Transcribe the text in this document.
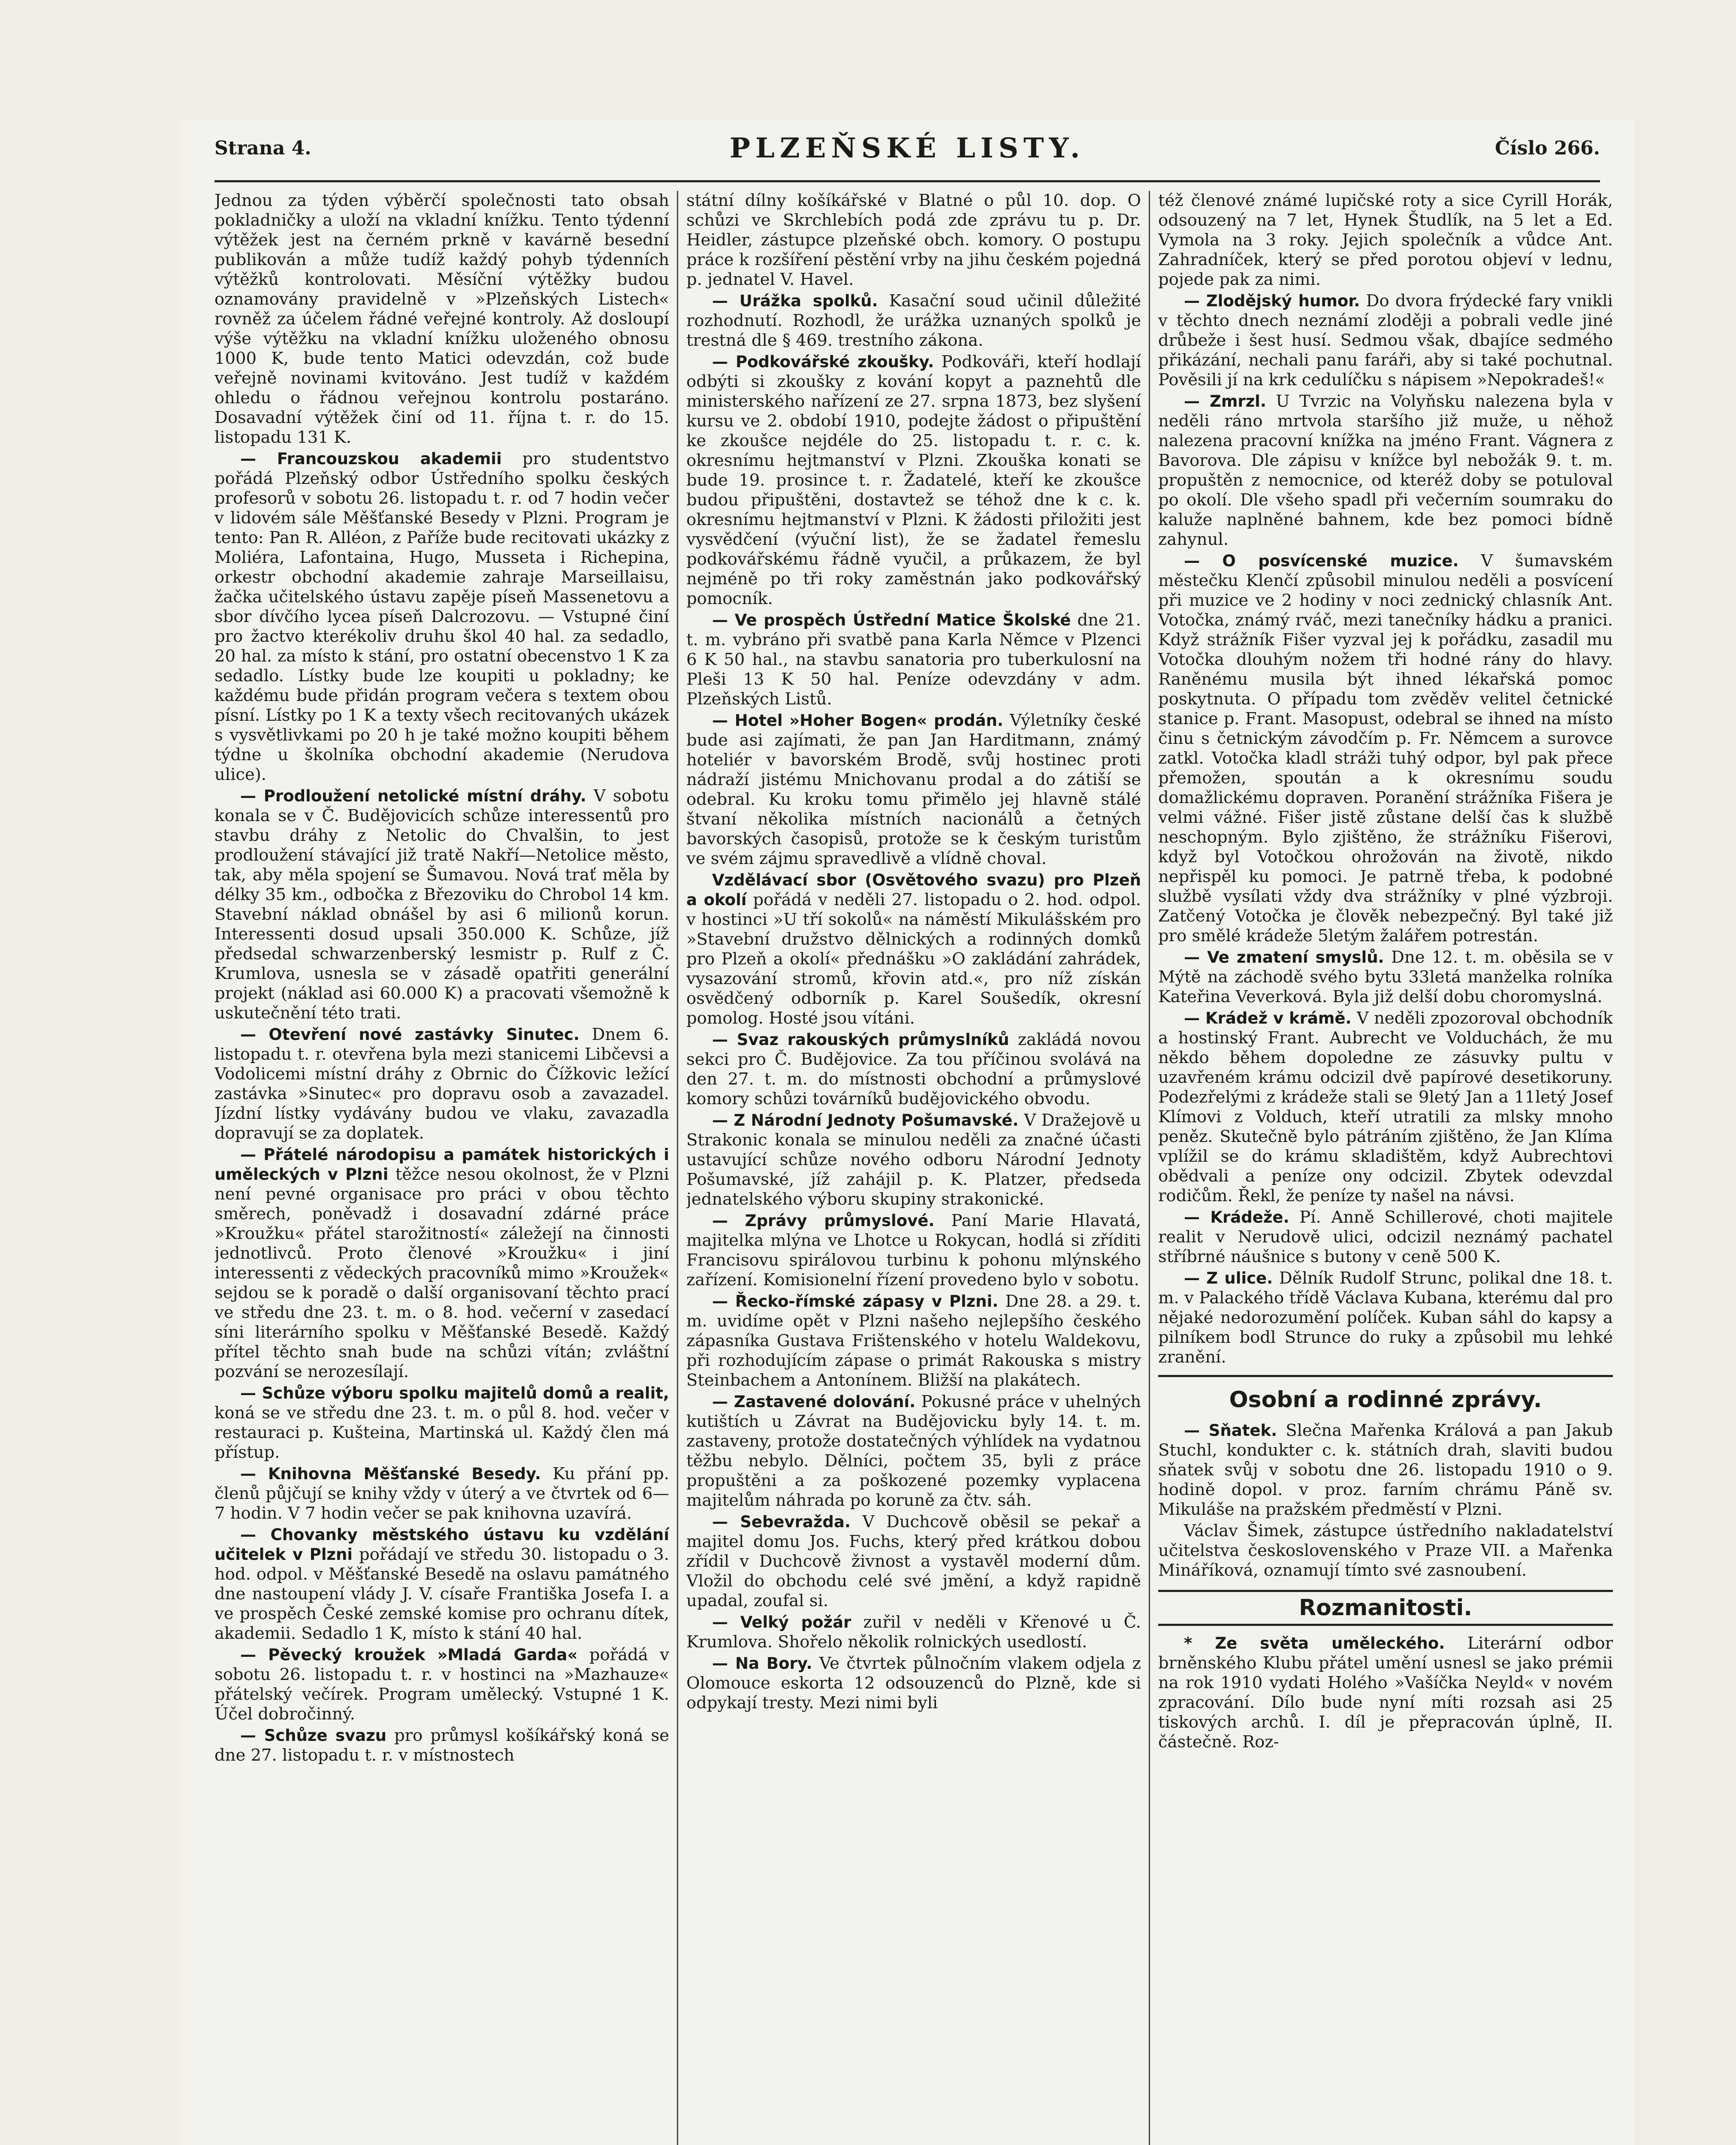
Strana 4.	PLZEŇSKÉ LISTY.	Číslo 266.

Jednou za týden výběrčí společnosti tato obsah pokladničky a uloží na vkladní knížku. Tento týdenní výtěžek jest na černém prkně v kavárně besední publikován a může tudíž každý pohyb týdenních výtěžků kontrolovati. Měsíční výtěžky budou oznamovány pravidelně v »Plzeňských Listech« rovněž za účelem řádné veřejné kontroly. Až dosloupí výše výtěžku na vkladní knížku uloženého obnosu 1000 K, bude tento Matici odevzdán, což bude veřejně novinami kvitováno. Jest tudíž v každém ohledu o řádnou veřejnou kontrolu postaráno. Dosavadní výtěžek činí od 11. října t. r. do 15. listopadu 131 K.

— Francouzskou akademii pro studentstvo pořádá Plzeňský odbor Ústředního spolku českých profesorů v sobotu 26. listopadu t. r. od 7 hodin večer v lidovém sále Měšťanské Besedy v Plzni. Program je tento: Pan R. Alléon, z Paříže bude recitovati ukázky z Moliéra, Lafontaina, Hugo, Musseta i Richepina, orkestr obchodní akademie zahraje Marseillaisu, žačka učitelského ústavu zapěje píseň Massenetovu a sbor dívčího lycea píseň Dalcrozovu. — Vstupné činí pro žactvo kterékoliv druhu škol 40 hal. za sedadlo, 20 hal. za místo k stání, pro ostatní obecenstvo 1 K za sedadlo. Lístky bude lze koupiti u pokladny; ke každému bude přidán program večera s textem obou písní. Lístky po 1 K a texty všech recitovaných ukázek s vysvětlivkami po 20 h je také možno koupiti během týdne u školníka obchodní akademie (Nerudova ulice).

— Prodloužení netolické místní dráhy. V sobotu konala se v Č. Budějovicích schůze interessentů pro stavbu dráhy z Netolic do Chvalšin, to jest prodloužení stávající již tratě Nakří—Netolice město, tak, aby měla spojení se Šumavou. Nová trať měla by délky 35 km., odbočka z Březoviku do Chrobol 14 km. Stavební náklad obnášel by asi 6 milionů korun. Interessenti dosud upsali 350.000 K. Schůze, jíž předsedal schwarzenberský lesmistr p. Rulf z Č. Krumlova, usnesla se v zásadě opatřiti generální projekt (náklad asi 60.000 K) a pracovati všemožně k uskutečnění této trati.

— Otevření nové zastávky Sinutec. Dnem 6. listopadu t. r. otevřena byla mezi stanicemi Libčevsi a Vodolicemi místní dráhy z Obrnic do Čížkovic ležící zastávka »Sinutec« pro dopravu osob a zavazadel. Jízdní lístky vydávány budou ve vlaku, zavazadla dopravují se za doplatek.

— Přátelé národopisu a památek historických i uměleckých v Plzni těžce nesou okolnost, že v Plzni není pevné organisace pro práci v obou těchto směrech, poněvadž i dosavadní zdárné práce »Kroužku« přátel starožitností« záležejí na činnosti jednotlivců. Proto členové »Kroužku« i jiní interessenti z vědeckých pracovníků mimo »Kroužek« sejdou se k poradě o další organisovaní těchto prací ve středu dne 23. t. m. o 8. hod. večerní v zasedací síni literárního spolku v Měšťanské Besedě. Každý přítel těchto snah bude na schůzi vítán; zvláštní pozvání se nerozesílají.

— Schůze výboru spolku majitelů domů a realit, koná se ve středu dne 23. t. m. o půl 8. hod. večer v restauraci p. Kušteina, Martinská ul. Každý člen má přístup.

— Knihovna Měšťanské Besedy. Ku přání pp. členů půjčují se knihy vždy v úterý a ve čtvrtek od 6—7 hodin. V 7 hodin večer se pak knihovna uzavírá.

— Chovanky městského ústavu ku vzdělání učitelek v Plzni pořádají ve středu 30. listopadu o 3. hod. odpol. v Měšťanské Besedě na oslavu památného dne nastoupení vlády J. V. císaře Františka Josefa I. a ve prospěch České zemské komise pro ochranu dítek, akademii. Sedadlo 1 K, místo k stání 40 hal.

— Pěvecký kroužek »Mladá Garda« pořádá v sobotu 26. listopadu t. r. v hostinci na »Mazhauze« přátelský večírek. Program umělecký. Vstupné 1 K. Účel dobročinný.

— Schůze svazu pro průmysl košíkářský koná se dne 27. listopadu t. r. v místnostech

státní dílny košíkářské v Blatné o půl 10. dop. O schůzi ve Skrchlebích podá zde zprávu tu p. Dr. Heidler, zástupce plzeňské obch. komory. O postupu práce k rozšíření pěstění vrby na jihu českém pojedná p. jednatel V. Havel.

— Urážka spolků. Kasační soud učinil důležité rozhodnutí. Rozhodl, že urážka uznaných spolků je trestná dle § 469. trestního zákona.

— Podkovářské zkoušky. Podkováři, kteří hodlají odbýti si zkoušky z kování kopyt a paznehtů dle ministerského nařízení ze 27. srpna 1873, bez slyšení kursu ve 2. období 1910, podejte žádost o připuštění ke zkoušce nejdéle do 25. listopadu t. r. c. k. okresnímu hejtmanství v Plzni. Zkouška konati se bude 19. prosince t. r. Žadatelé, kteří ke zkoušce budou připuštěni, dostavtež se téhož dne k c. k. okresnímu hejtmanství v Plzni. K žádosti přiložiti jest vysvědčení (výuční list), že se žadatel řemeslu podkovářskému řádně vyučil, a průkazem, že byl nejméně po tři roky zaměstnán jako podkovářský pomocník.

— Ve prospěch Ústřední Matice Školské dne 21. t. m. vybráno při svatbě pana Karla Němce v Plzenci 6 K 50 hal., na stavbu sanatoria pro tuberkulosní na Pleši 13 K 50 hal. Peníze odevzdány v adm. Plzeňských Listů.

— Hotel »Hoher Bogen« prodán. Výletníky české bude asi zajímati, že pan Jan Harditmann, známý hoteliér v bavorském Brodě, svůj hostinec proti nádraží jistému Mnichovanu prodal a do zátiší se odebral. Ku kroku tomu přimělo jej hlavně stálé štvaní několika místních nacionálů a četných bavorských časopisů, protože se k českým turistům ve svém zájmu spravedlivě a vlídně choval.

Vzdělávací sbor (Osvětového svazu) pro Plzeň a okolí pořádá v neděli 27. listopadu o 2. hod. odpol. v hostinci »U tří sokolů« na náměstí Mikulášském pro »Stavební družstvo dělnických a rodinných domků pro Plzeň a okolí« přednášku »O zakládání zahrádek, vysazování stromů, křovin atd.«, pro níž získán osvědčený odborník p. Karel Soušedík, okresní pomolog. Hosté jsou vítáni.

— Svaz rakouských průmyslníků zakládá novou sekci pro Č. Budějovice. Za tou příčinou svolává na den 27. t. m. do místnosti obchodní a průmyslové komory schůzi továrníků budějovického obvodu.

— Z Národní Jednoty Pošumavské. V Dražejově u Strakonic konala se minulou neděli za značné účasti ustavující schůze nového odboru Národní Jednoty Pošumavské, jíž zahájil p. K. Platzer, předseda jednatelského výboru skupiny strakonické.

— Zprávy průmyslové. Paní Marie Hlavatá, majitelka mlýna ve Lhotce u Rokycan, hodlá si zříditi Francisovu spirálovou turbinu k pohonu mlýnského zařízení. Komisionelní řízení provedeno bylo v sobotu.

— Řecko-římské zápasy v Plzni. Dne 28. a 29. t. m. uvidíme opět v Plzni našeho nejlepšího českého zápasníka Gustava Frištenského v hotelu Waldekovu, při rozhodujícím zápase o primát Rakouska s mistry Steinbachem a Antonínem. Bližší na plakátech.

— Zastavené dolování. Pokusné práce v uhelných kutištích u Závrat na Budějovicku byly 14. t. m. zastaveny, protože dostatečných výhlídek na vydatnou těžbu nebylo. Dělníci, počtem 35, byli z práce propuštěni a za poškozené pozemky vyplacena majitelům náhrada po koruně za čtv. sáh.

— Sebevražda. V Duchcově oběsil se pekař a majitel domu Jos. Fuchs, který před krátkou dobou zřídil v Duchcově živnost a vystavěl moderní dům. Vložil do obchodu celé své jmění, a když rapidně upadal, zoufal si.

— Velký požár zuřil v neděli v Křenové u Č. Krumlova. Shořelo několik rolnických usedlostí.

— Na Bory. Ve čtvrtek půlnočním vlakem odjela z Olomouce eskorta 12 odsouzenců do Plzně, kde si odpykají tresty. Mezi nimi byli

též členové známé lupičské roty a sice Cyrill Horák, odsouzený na 7 let, Hynek Študlík, na 5 let a Ed. Vymola na 3 roky. Jejich společník a vůdce Ant. Zahradníček, který se před porotou objeví v lednu, pojede pak za nimi.

— Zlodějský humor. Do dvora frýdecké fary vnikli v těchto dnech neznámí zloději a pobrali vedle jiné drůbeže i šest husí. Sedmou však, dbajíce sedmého přikázání, nechali panu faráři, aby si také pochutnal. Pověsili jí na krk cedulíčku s nápisem »Nepokradeš!«

— Zmrzl. U Tvrzic na Volyňsku nalezena byla v neděli ráno mrtvola staršího již muže, u něhož nalezena pracovní knížka na jméno Frant. Vágnera z Bavorova. Dle zápisu v knížce byl nebožák 9. t. m. propuštěn z nemocnice, od kteréž doby se potuloval po okolí. Dle všeho spadl při večerním soumraku do kaluže naplněné bahnem, kde bez pomoci bídně zahynul.

— O posvícenské muzice. V šumavském městečku Klenčí způsobil minulou neděli a posvícení při muzice ve 2 hodiny v noci zednický chlasník Ant. Votočka, známý rváč, mezi tanečníky hádku a pranici. Když strážník Fišer vyzval jej k pořádku, zasadil mu Votočka dlouhým nožem tři hodné rány do hlavy. Raněnému musila být ihned lékařská pomoc poskytnuta. O případu tom zvěděv velitel četnické stanice p. Frant. Masopust, odebral se ihned na místo činu s četnickým závodčím p. Fr. Němcem a surovce zatkl. Votočka kladl stráži tuhý odpor, byl pak přece přemožen, spoután a k okresnímu soudu domažlickému dopraven. Poranění strážníka Fišera je velmi vážné. Fišer jistě zůstane delší čas k službě neschopným. Bylo zjištěno, že strážníku Fišerovi, když byl Votočkou ohrožován na životě, nikdo nepřispěl ku pomoci. Je patrně třeba, k podobné službě vysílati vždy dva strážníky v plné výzbroji. Zatčený Votočka je člověk nebezpečný. Byl také již pro smělé krádeže 5letým žalářem potrestán.

— Ve zmatení smyslů. Dne 12. t. m. oběsila se v Mýtě na záchodě svého bytu 33letá manželka rolníka Kateřina Veverková. Byla již delší dobu choromyslná.

— Krádež v krámě. V neděli zpozoroval obchodník a hostinský Frant. Aubrecht ve Volduchách, že mu někdo během dopoledne ze zásuvky pultu v uzavřeném krámu odcizil dvě papírové desetikoruny. Podezřelými z krádeže stali se 9letý Jan a 11letý Josef Klímovi z Volduch, kteří utratili za mlsky mnoho peněz. Skutečně bylo pátráním zjištěno, že Jan Klíma vplížil se do krámu skladištěm, když Aubrechtovi obědvali a peníze ony odcizil. Zbytek odevzdal rodičům. Řekl, že peníze ty našel na návsi.

— Krádeže. Pí. Anně Schillerové, choti majitele realit v Nerudově ulici, odcizil neznámý pachatel stříbrné náušnice s butony v ceně 500 K.

— Z ulice. Dělník Rudolf Strunc, polikal dne 18. t. m. v Palackého třídě Václava Kubana, kterému dal pro nějaké nedorozumění políček. Kuban sáhl do kapsy a pilníkem bodl Strunce do ruky a způsobil mu lehké zranění.

Osobní a rodinné zprávy.

— Sňatek. Slečna Mařenka Králová a pan Jakub Stuchl, kondukter c. k. státních drah, slaviti budou sňatek svůj v sobotu dne 26. listopadu 1910 o 9. hodině dopol. v proz. farním chrámu Páně sv. Mikuláše na pražském předměstí v Plzni.

Václav Šimek, zástupce ústředního nakladatelství učitelstva československého v Praze VII. a Mařenka Mináříková, oznamují tímto své zasnoubení.

Rozmanitosti.

* Ze světa uměleckého. Literární odbor brněnského Klubu přátel umění usnesl se jako prémii na rok 1910 vydati Holého »Vašíčka Neyld« v novém zpracování. Dílo bude nyní míti rozsah asi 25 tiskových archů. I. díl je přepracován úplně, II. částečně. Roz-
